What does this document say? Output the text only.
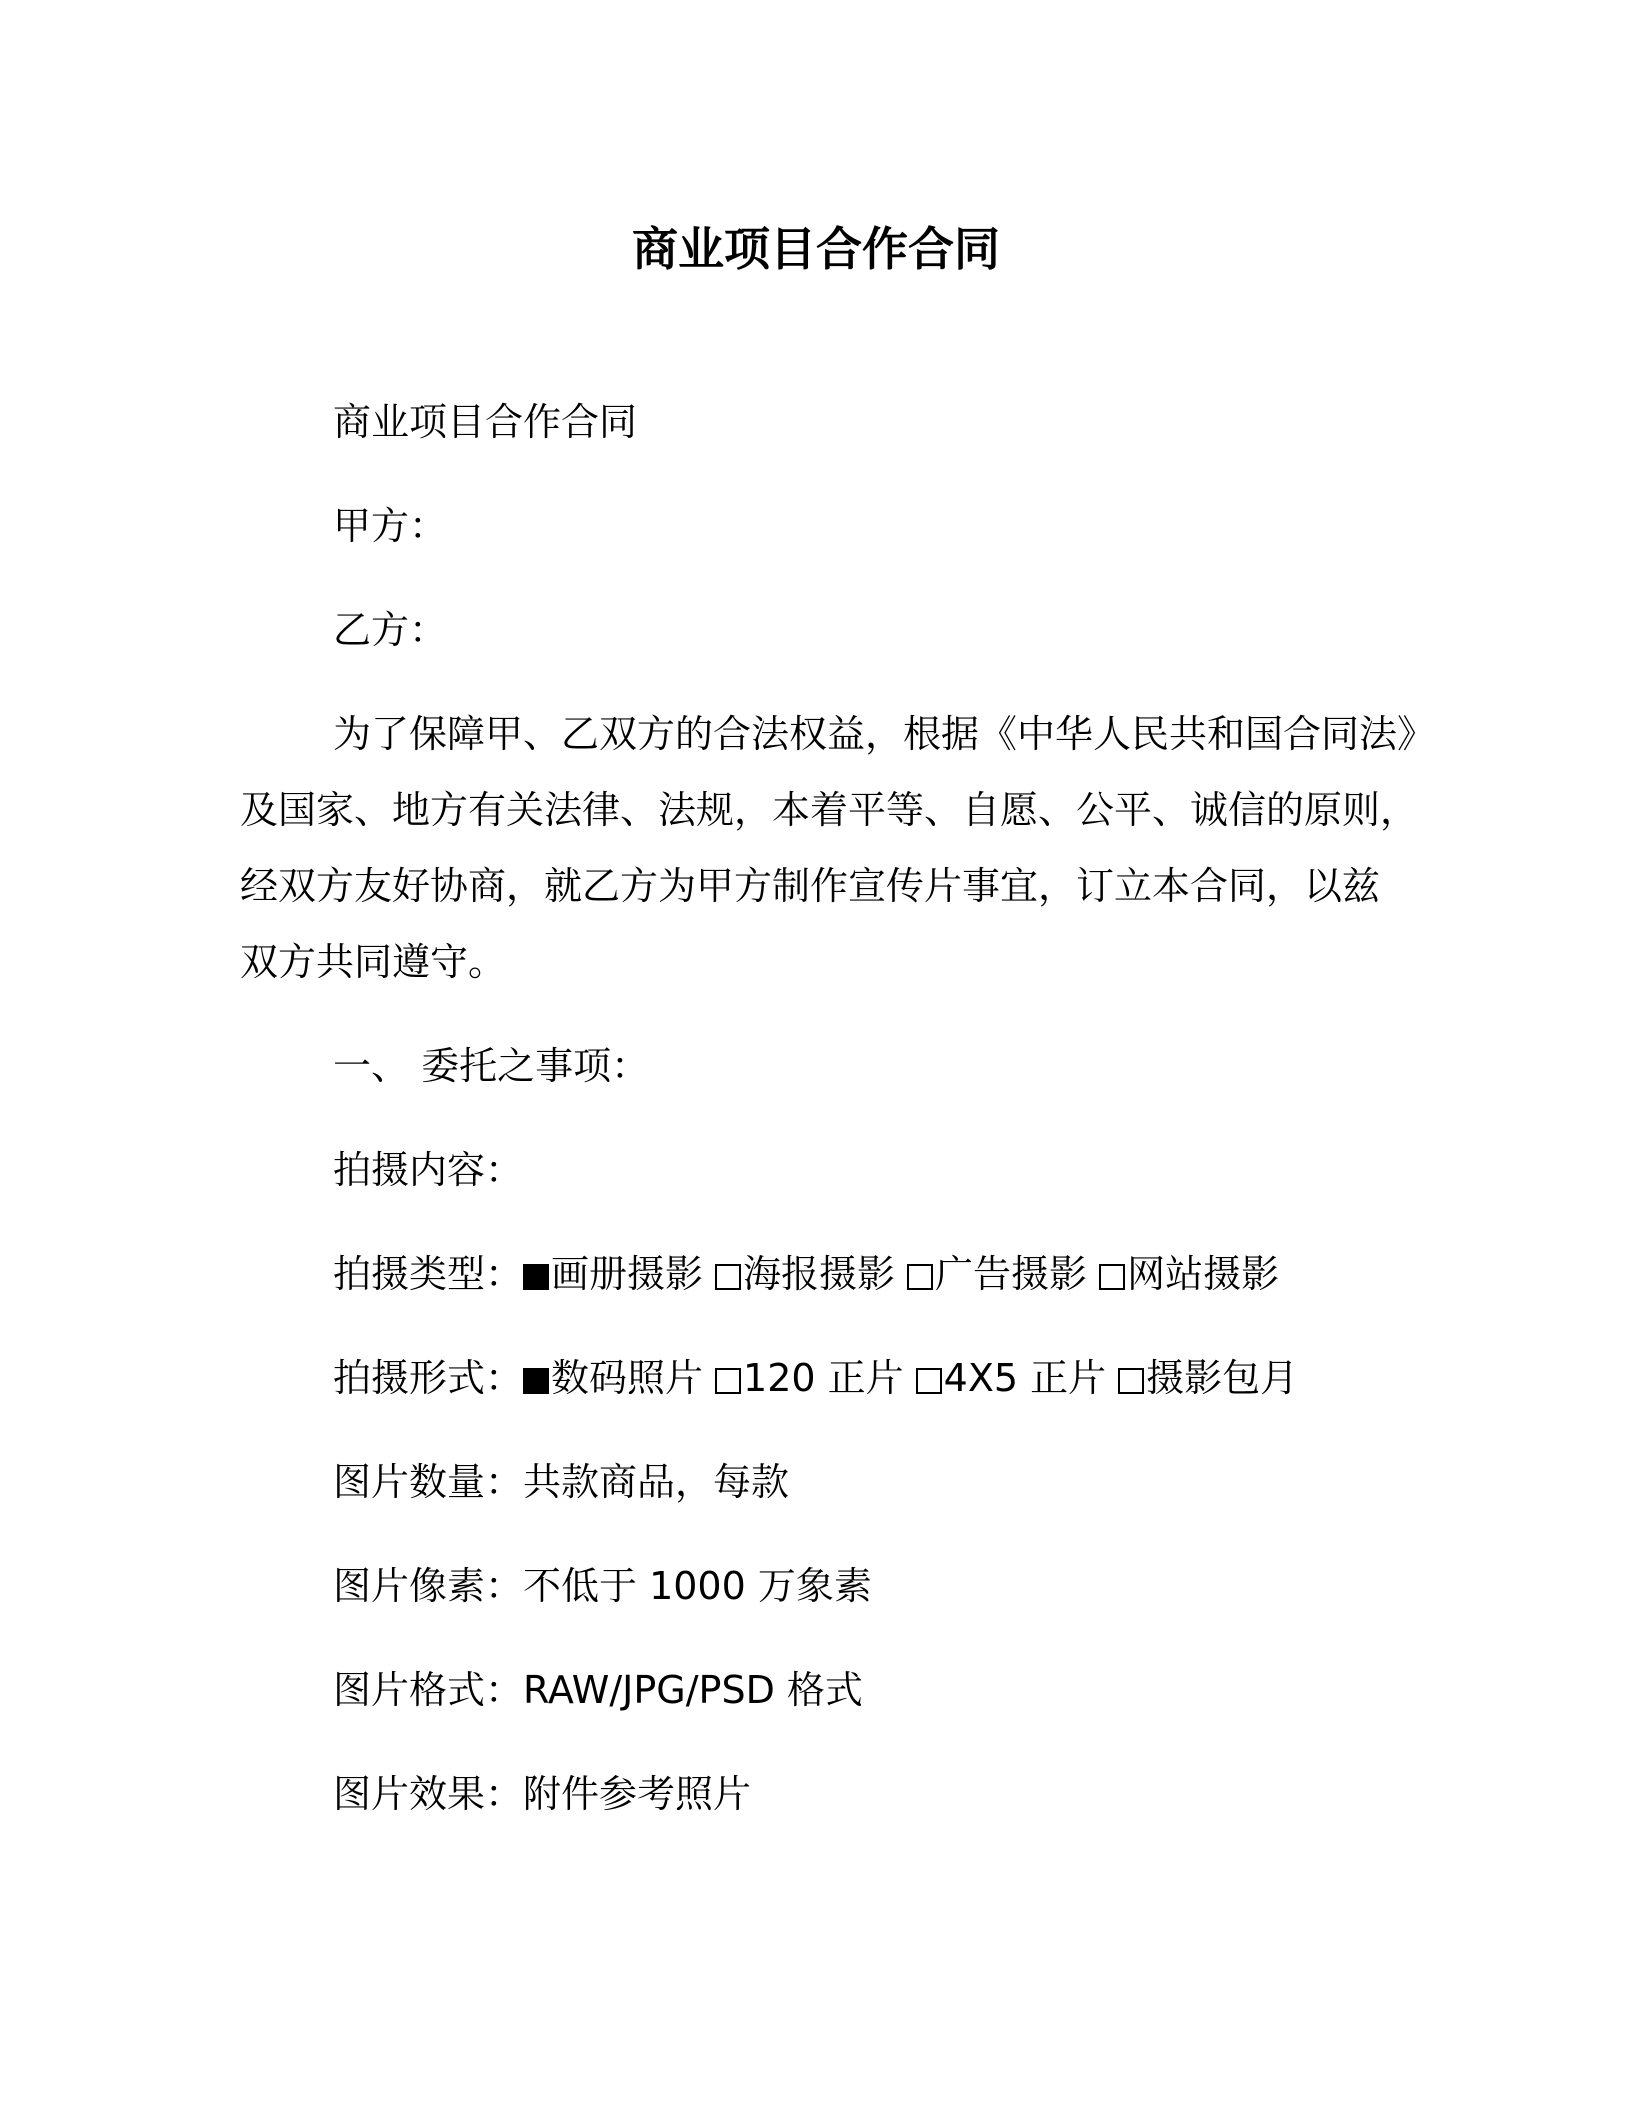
商业项目合作合同
商业项目合作合同
甲方：
乙方：
为了保障甲、乙双方的合法权益，根据《中华人民共和国合同法》
及国家、地方有关法律、法规，本着平等、自愿、公平、诚信的原则，
经双方友好协商，就乙方为甲方制作宣传片事宜，订立本合同，以兹
双方共同遵守。
一、 委托之事项：
拍摄内容：
拍摄类型： 画册摄影 海报摄影 广告摄影 网站摄影
拍摄形式： 数码照片 120 正片 4X5 正片 摄影包月
图片数量：共款商品，每款
图片像素：不低于 1000 万象素
图片格式：RAW/JPG/PSD 格式
图片效果：附件参考照片
